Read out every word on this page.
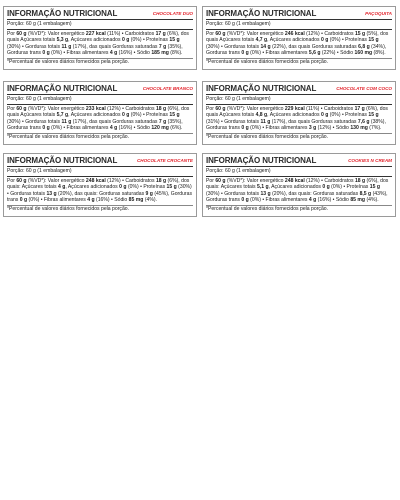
INFORMAÇÃO NUTRICIONAL	CHOCOLATE DUO
Porção: 60 g (1 embalagem)
Por 60 g (%VD*): Valor energético 227 kcal (11%) • Carboidratos 17 g (6%), dos quais Açúcares totais 5,3 g, Açúcares adicionados 0 g (0%) • Proteínas 15 g (30%) • Gorduras totais 11 g (17%), das quais Gorduras saturadas 7 g (35%), Gorduras trans 0 g (0%) • Fibras alimentares 4 g (16%) • Sódio 185 mg (8%).
*Percentual de valores diários fornecidos pela porção.
INFORMAÇÃO NUTRICIONAL	PAÇOQUITA
Porção: 60 g (1 embalagem)
Por 60 g (%VD*): Valor energético 246 kcal (12%) • Carboidratos 15 g (5%), dos quais Açúcares totais 4,7 g, Açúcares adicionados 0 g (0%) • Proteínas 15 g (30%) • Gorduras totais 14 g (22%), das quais Gorduras saturadas 6,8 g (34%), Gorduras trans 0 g (0%) • Fibras alimentares 5,6 g (22%) • Sódio 160 mg (8%).
*Percentual de valores diários fornecidos pela porção.
INFORMAÇÃO NUTRICIONAL	CHOCOLATE BRANCO
Porção: 60 g (1 embalagem)
Por 60 g (%VD*): Valor energético 233 kcal (12%) • Carboidratos 18 g (6%), dos quais Açúcares totais 5,7 g, Açúcares adicionados 0 g (0%) • Proteínas 15 g (30%) • Gorduras totais 11 g (17%), das quais Gorduras saturadas 7 g (35%), Gorduras trans 0 g (0%) • Fibras alimentares 4 g (16%) • Sódio 120 mg (6%).
*Percentual de valores diários fornecidos pela porção.
INFORMAÇÃO NUTRICIONAL	CHOCOLATE COM COCO
Porção: 60 g (1 embalagem)
Por 60 g (%VD*): Valor energético 229 kcal (11%) • Carboidratos 17 g (6%), dos quais Açúcares totais 4,8 g, Açúcares adicionados 0 g (0%) • Proteínas 15 g (31%) • Gorduras totais 11 g (17%), das quais Gorduras saturadas 7,6 g (38%), Gorduras trans 0 g (0%) • Fibras alimentares 3 g (12%) • Sódio 130 mg (7%).
*Percentual de valores diários fornecidos pela porção.
INFORMAÇÃO NUTRICIONAL	CHOCOLATE CROCANTE
Porção: 60 g (1 embalagem)
Por 60 g (%VD*): Valor energético 248 kcal (12%) • Carboidratos 18 g (6%), dos quais: Açúcares totais 4 g, Açúcares adicionados 0 g (0%) • Proteínas 15 g (30%) • Gorduras totais 13 g (20%), das quais: Gorduras saturadas 9 g (45%), Gorduras trans 0 g (0%) • Fibras alimentares 4 g (16%) • Sódio 85 mg (4%).
*Percentual de valores diários fornecidos pela porção.
INFORMAÇÃO NUTRICIONAL	COOKIES N CREAM
Porção: 60 g (1 embalagem)
Por 60 g (%VD*): Valor energético 248 kcal (12%) • Carboidratos 18 g (6%), dos quais: Açúcares totais 5,1 g, Açúcares adicionados 0 g (0%) • Proteínas 15 g (30%) • Gorduras totais 13 g (20%), das quais: Gorduras saturadas 8,5 g (43%), Gorduras trans 0 g (0%) • Fibras alimentares 4 g (16%) • Sódio 85 mg (4%).
*Percentual de valores diários fornecidos pela porção.
